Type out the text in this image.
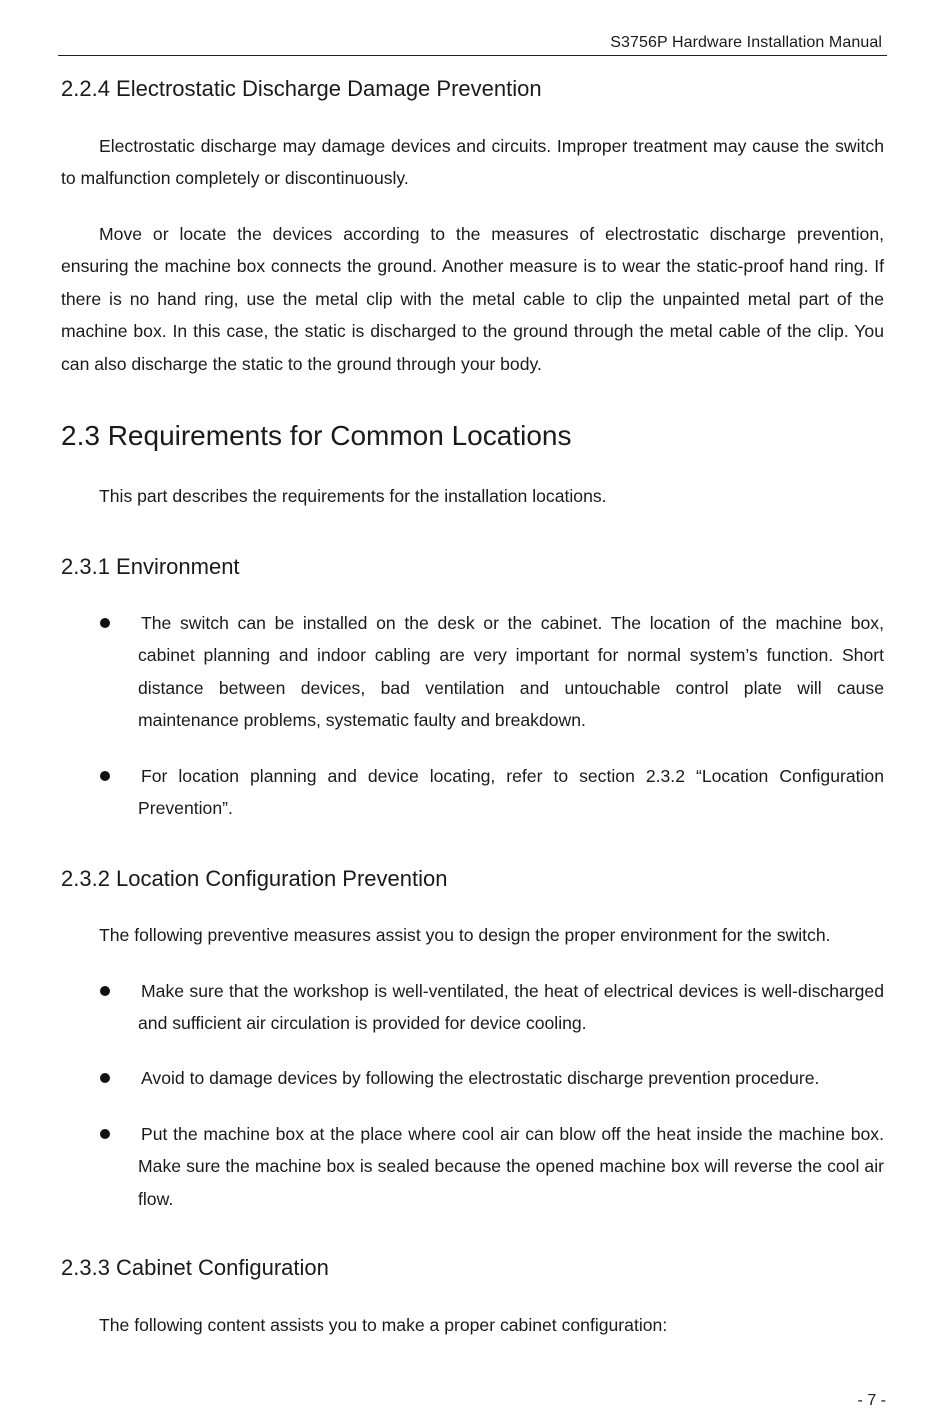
S3756P Hardware Installation Manual
2.2.4 Electrostatic Discharge Damage Prevention

Electrostatic discharge may damage devices and circuits. Improper treatment may cause the switch to malfunction completely or discontinuously.

Move or locate the devices according to the measures of electrostatic discharge prevention, ensuring the machine box connects the ground. Another measure is to wear the static-proof hand ring. If there is no hand ring, use the metal clip with the metal cable to clip the unpainted metal part of the machine box. In this case, the static is discharged to the ground through the metal cable of the clip. You can also discharge the static to the ground through your body.

2.3 Requirements for Common Locations

This part describes the requirements for the installation locations.

2.3.1 Environment

The switch can be installed on the desk or the cabinet. The location of the machine box, cabinet planning and indoor cabling are very important for normal system’s function. Short distance between devices, bad ventilation and untouchable control plate will cause maintenance problems, systematic faulty and breakdown.

For location planning and device locating, refer to section 2.3.2 “Location Configuration Prevention”.

2.3.2 Location Configuration Prevention

The following preventive measures assist you to design the proper environment for the switch.

Make sure that the workshop is well-ventilated, the heat of electrical devices is well-discharged and sufficient air circulation is provided for device cooling.

Avoid to damage devices by following the electrostatic discharge prevention procedure.

Put the machine box at the place where cool air can blow off the heat inside the machine box. Make sure the machine box is sealed because the opened machine box will reverse the cool air flow.

2.3.3 Cabinet Configuration

The following content assists you to make a proper cabinet configuration:

- 7 -
